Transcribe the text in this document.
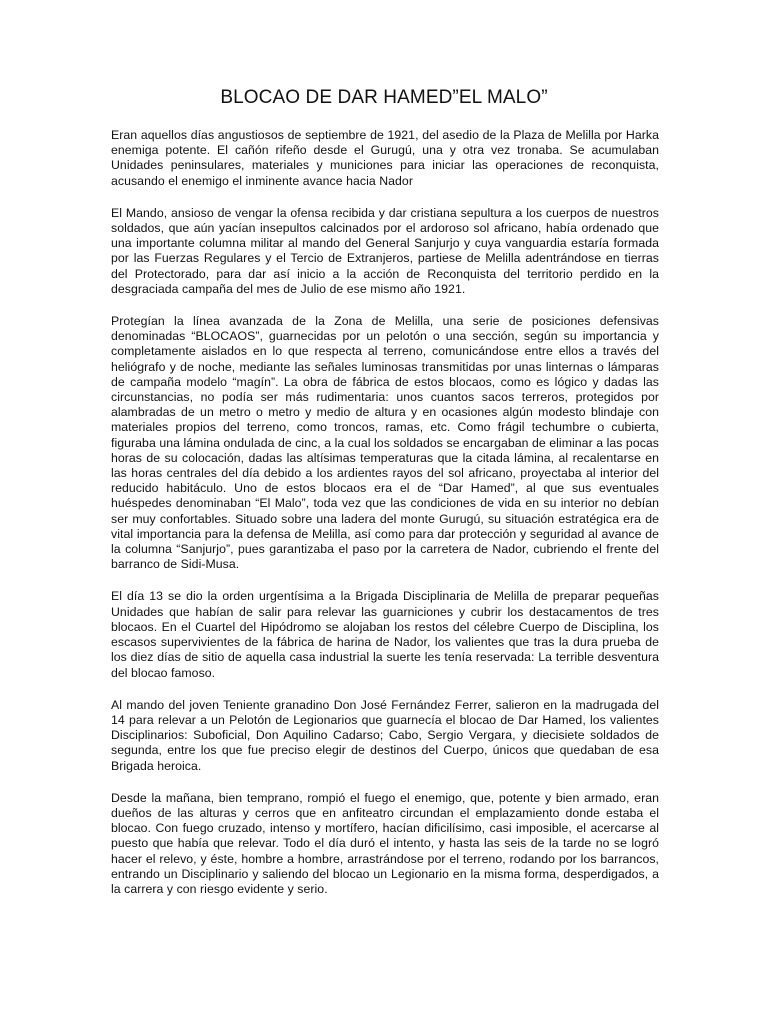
BLOCAO DE DAR HAMED”EL MALO”

Eran aquellos días angustiosos de septiembre de 1921, del asedio de la Plaza de Melilla por Harka enemiga potente. El cañón rifeño desde el Gurugú, una y otra vez tronaba. Se acumulaban Unidades peninsulares, materiales y municiones para iniciar las operaciones de reconquista, acusando el enemigo el inminente avance hacia Nador

El Mando, ansioso de vengar la ofensa recibida y dar cristiana sepultura a los cuerpos de nuestros soldados, que aún yacían insepultos calcinados por el ardoroso sol africano, había ordenado que una importante columna militar al mando del General Sanjurjo y cuya vanguardia estaría formada por las Fuerzas Regulares y el Tercio de Extranjeros, partiese de Melilla adentrándose en tierras del Protectorado, para dar así inicio a la acción de Reconquista del territorio perdido en la desgraciada campaña del mes de Julio de ese mismo año 1921.

Protegían la línea avanzada de la Zona de Melilla, una serie de posiciones defensivas denominadas “BLOCAOS”, guarnecidas por un pelotón o una sección, según su importancia y completamente aislados en lo que respecta al terreno, comunicándose entre ellos a través del heliógrafo y de noche, mediante las señales luminosas transmitidas por unas linternas o lámparas de campaña modelo “magín”. La obra de fábrica de estos blocaos, como es lógico y dadas las circunstancias, no podía ser más rudimentaria: unos cuantos sacos terreros, protegidos por alambradas de un metro o metro y medio de altura y en ocasiones algún modesto blindaje con materiales propios del terreno, como troncos, ramas, etc. Como frágil techumbre o cubierta, figuraba una lámina ondulada de cinc, a la cual los soldados se encargaban de eliminar a las pocas horas de su colocación, dadas las altísimas temperaturas que la citada lámina, al recalentarse en las horas centrales del día debido a los ardientes rayos del sol africano, proyectaba al interior del reducido habitáculo. Uno de estos blocaos era el de “Dar Hamed”, al que sus eventuales huéspedes denominaban “El Malo”, toda vez que las condiciones de vida en su interior no debían ser muy confortables. Situado sobre una ladera del monte Gurugú, su situación estratégica era de vital importancia para la defensa de Melilla, así como para dar protección y seguridad al avance de la columna “Sanjurjo”, pues garantizaba el paso por la carretera de Nador, cubriendo el frente del barranco de Sidi-Musa.

El día 13 se dio la orden urgentísima a la Brigada Disciplinaria de Melilla de preparar pequeñas Unidades que habían de salir para relevar las guarniciones y cubrir los destacamentos de tres blocaos. En el Cuartel del Hipódromo se alojaban los restos del célebre Cuerpo de Disciplina, los escasos supervivientes de la fábrica de harina de Nador, los valientes que tras la dura prueba de los diez días de sitio de aquella casa industrial la suerte les tenía reservada: La terrible desventura del blocao famoso.

Al mando del joven Teniente granadino Don José Fernández Ferrer, salieron en la madrugada del 14 para relevar a un Pelotón de Legionarios que guarnecía el blocao de Dar Hamed, los valientes Disciplinarios: Suboficial, Don Aquilino Cadarso; Cabo, Sergio Vergara, y diecisiete soldados de segunda, entre los que fue preciso elegir de destinos del Cuerpo, únicos que quedaban de esa Brigada heroica.

Desde la mañana, bien temprano, rompió el fuego el enemigo, que, potente y bien armado, eran dueños de las alturas y cerros que en anfiteatro circundan el emplazamiento donde estaba el blocao. Con fuego cruzado, intenso y mortífero, hacían dificilísimo, casi imposible, el acercarse al puesto que había que relevar. Todo el día duró el intento, y hasta las seis de la tarde no se logró hacer el relevo, y éste, hombre a hombre, arrastrándose por el terreno, rodando por los barrancos, entrando un Disciplinario y saliendo del blocao un Legionario en la misma forma, desperdigados, a la carrera y con riesgo evidente y serio.
